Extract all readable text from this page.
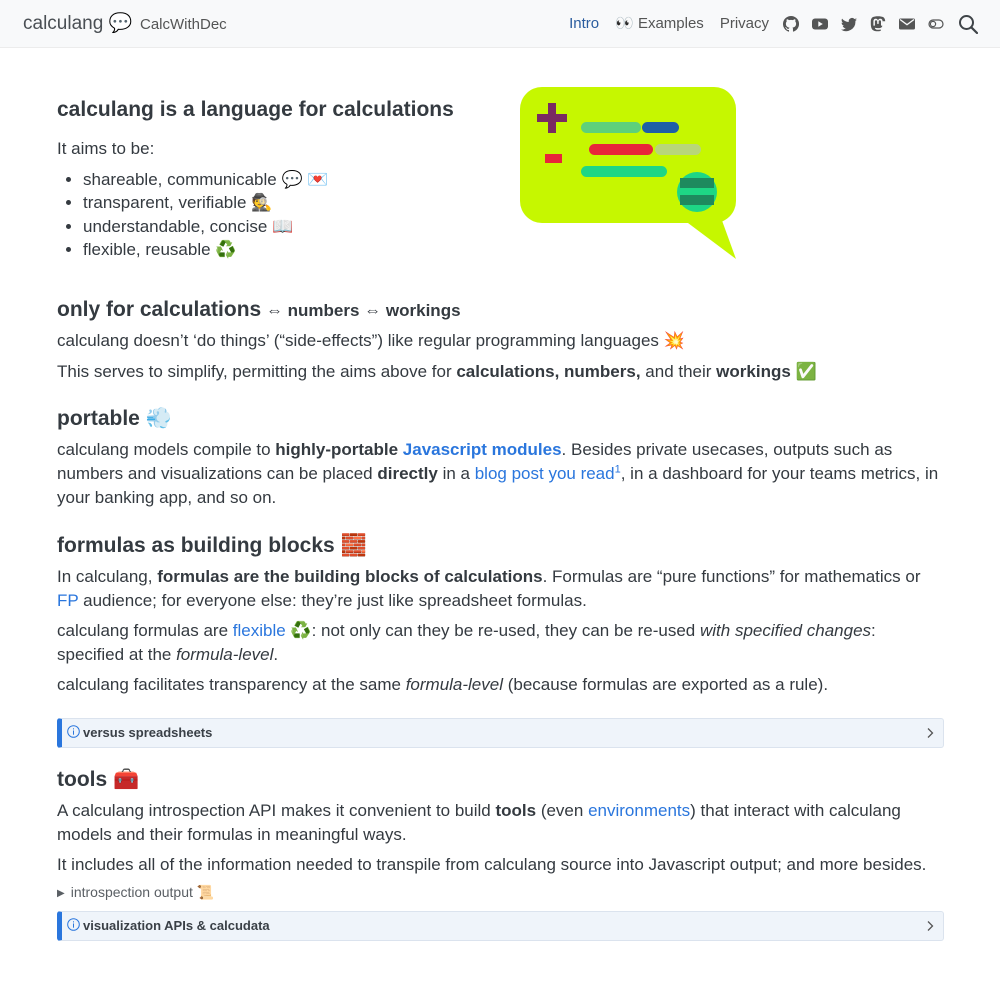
calculang 💬 CalcWithDec	Intro 👀 Examples Privacy
calculang is a language for calculations

It aims to be:

• shareable, communicable 💬 💌
• transparent, verifiable 🕵️
• understandable, concise 📖
• flexible, reusable ♻️
only for calculations ⇔ numbers ⇔ workings

calculang doesn’t ‘do things’ (“side-effects”) like regular programming languages 💥

This serves to simplify, permitting the aims above for calculations, numbers, and their workings ✅

portable 💨

calculang models compile to highly-portable Javascript modules. Besides private usecases, outputs such as numbers and visualizations can be placed directly in a blog post you read$^1$, in a dashboard for your teams metrics, in your banking app, and so on.

formulas as building blocks 🧱

In calculang, formulas are the building blocks of calculations. Formulas are “pure functions” for mathematics or FP audience; for everyone else: they’re just like spreadsheet formulas.

calculang formulas are flexible ♻️: not only can they be re-used, they can be re-used with specified changes: specified at the formula-level.

calculang facilitates transparency at the same formula-level (because formulas are exported as a rule).

versus spreadsheets
tools 🧰

A calculang introspection API makes it convenient to build tools (even environments) that interact with calculang models and their formulas in meaningful ways.

It includes all of the information needed to transpile from calculang source into Javascript output; and more besides.

▶ introspection output 📜
visualization APIs & calcudata
